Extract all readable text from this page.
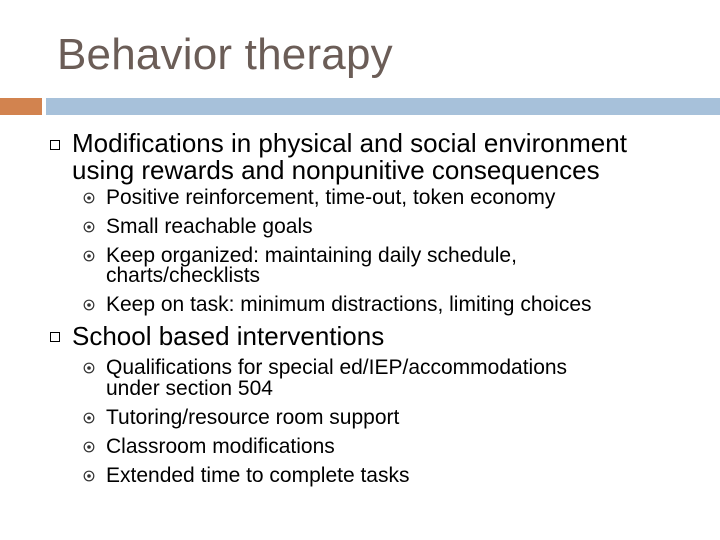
Behavior therapy
Modifications in physical and social environment
using rewards and nonpunitive consequences
Positive reinforcement, time-out, token economy
Small reachable goals
Keep organized: maintaining daily schedule,
charts/checklists
Keep on task: minimum distractions, limiting choices
School based interventions
Qualifications for special ed/IEP/accommodations
under section 504
Tutoring/resource room support
Classroom modifications
Extended time to complete tasks
